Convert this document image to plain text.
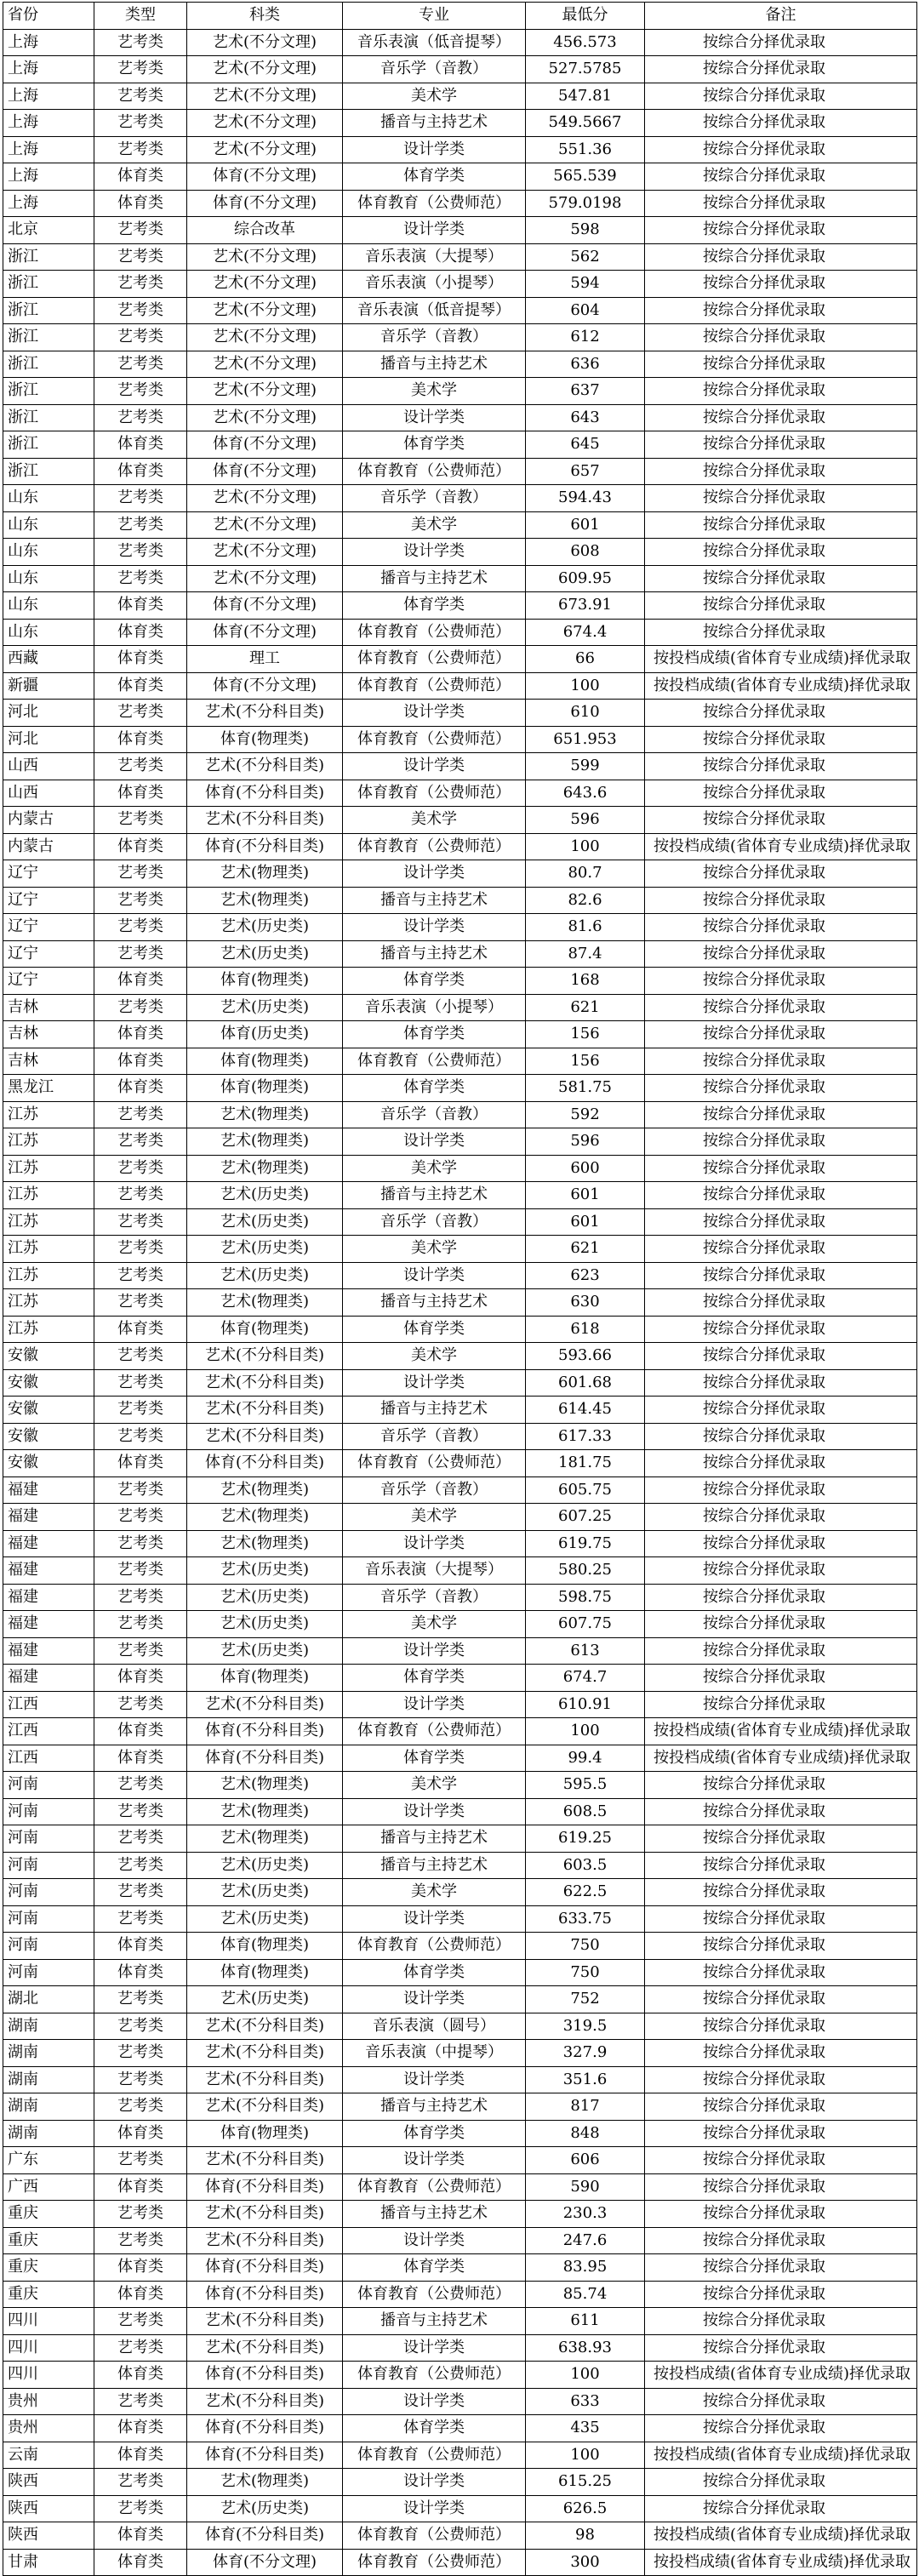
省份	类型	科类	专业	最低分	备注
上海	艺考类	艺术(不分文理)	音乐表演（低音提琴）	456.573	按综合分择优录取
上海	艺考类	艺术(不分文理)	音乐学（音教）	527.5785	按综合分择优录取
上海	艺考类	艺术(不分文理)	美术学	547.81	按综合分择优录取
上海	艺考类	艺术(不分文理)	播音与主持艺术	549.5667	按综合分择优录取
上海	艺考类	艺术(不分文理)	设计学类	551.36	按综合分择优录取
上海	体育类	体育(不分文理)	体育学类	565.539	按综合分择优录取
上海	体育类	体育(不分文理)	体育教育（公费师范）	579.0198	按综合分择优录取
北京	艺考类	综合改革	设计学类	598	按综合分择优录取
浙江	艺考类	艺术(不分文理)	音乐表演（大提琴）	562	按综合分择优录取
浙江	艺考类	艺术(不分文理)	音乐表演（小提琴）	594	按综合分择优录取
浙江	艺考类	艺术(不分文理)	音乐表演（低音提琴）	604	按综合分择优录取
浙江	艺考类	艺术(不分文理)	音乐学（音教）	612	按综合分择优录取
浙江	艺考类	艺术(不分文理)	播音与主持艺术	636	按综合分择优录取
浙江	艺考类	艺术(不分文理)	美术学	637	按综合分择优录取
浙江	艺考类	艺术(不分文理)	设计学类	643	按综合分择优录取
浙江	体育类	体育(不分文理)	体育学类	645	按综合分择优录取
浙江	体育类	体育(不分文理)	体育教育（公费师范）	657	按综合分择优录取
山东	艺考类	艺术(不分文理)	音乐学（音教）	594.43	按综合分择优录取
山东	艺考类	艺术(不分文理)	美术学	601	按综合分择优录取
山东	艺考类	艺术(不分文理)	设计学类	608	按综合分择优录取
山东	艺考类	艺术(不分文理)	播音与主持艺术	609.95	按综合分择优录取
山东	体育类	体育(不分文理)	体育学类	673.91	按综合分择优录取
山东	体育类	体育(不分文理)	体育教育（公费师范）	674.4	按综合分择优录取
西藏	体育类	理工	体育教育（公费师范）	66	按投档成绩(省体育专业成绩)择优录取
新疆	体育类	体育(不分文理)	体育教育（公费师范）	100	按投档成绩(省体育专业成绩)择优录取
河北	艺考类	艺术(不分科目类)	设计学类	610	按综合分择优录取
河北	体育类	体育(物理类)	体育教育（公费师范）	651.953	按综合分择优录取
山西	艺考类	艺术(不分科目类)	设计学类	599	按综合分择优录取
山西	体育类	体育(不分科目类)	体育教育（公费师范）	643.6	按综合分择优录取
内蒙古	艺考类	艺术(不分科目类)	美术学	596	按综合分择优录取
内蒙古	体育类	体育(不分科目类)	体育教育（公费师范）	100	按投档成绩(省体育专业成绩)择优录取
辽宁	艺考类	艺术(物理类)	设计学类	80.7	按综合分择优录取
辽宁	艺考类	艺术(物理类)	播音与主持艺术	82.6	按综合分择优录取
辽宁	艺考类	艺术(历史类)	设计学类	81.6	按综合分择优录取
辽宁	艺考类	艺术(历史类)	播音与主持艺术	87.4	按综合分择优录取
辽宁	体育类	体育(物理类)	体育学类	168	按综合分择优录取
吉林	艺考类	艺术(历史类)	音乐表演（小提琴）	621	按综合分择优录取
吉林	体育类	体育(历史类)	体育学类	156	按综合分择优录取
吉林	体育类	体育(物理类)	体育教育（公费师范）	156	按综合分择优录取
黑龙江	体育类	体育(物理类)	体育学类	581.75	按综合分择优录取
江苏	艺考类	艺术(物理类)	音乐学（音教）	592	按综合分择优录取
江苏	艺考类	艺术(物理类)	设计学类	596	按综合分择优录取
江苏	艺考类	艺术(物理类)	美术学	600	按综合分择优录取
江苏	艺考类	艺术(历史类)	播音与主持艺术	601	按综合分择优录取
江苏	艺考类	艺术(历史类)	音乐学（音教）	601	按综合分择优录取
江苏	艺考类	艺术(历史类)	美术学	621	按综合分择优录取
江苏	艺考类	艺术(历史类)	设计学类	623	按综合分择优录取
江苏	艺考类	艺术(物理类)	播音与主持艺术	630	按综合分择优录取
江苏	体育类	体育(物理类)	体育学类	618	按综合分择优录取
安徽	艺考类	艺术(不分科目类)	美术学	593.66	按综合分择优录取
安徽	艺考类	艺术(不分科目类)	设计学类	601.68	按综合分择优录取
安徽	艺考类	艺术(不分科目类)	播音与主持艺术	614.45	按综合分择优录取
安徽	艺考类	艺术(不分科目类)	音乐学（音教）	617.33	按综合分择优录取
安徽	体育类	体育(不分科目类)	体育教育（公费师范）	181.75	按综合分择优录取
福建	艺考类	艺术(物理类)	音乐学（音教）	605.75	按综合分择优录取
福建	艺考类	艺术(物理类)	美术学	607.25	按综合分择优录取
福建	艺考类	艺术(物理类)	设计学类	619.75	按综合分择优录取
福建	艺考类	艺术(历史类)	音乐表演（大提琴）	580.25	按综合分择优录取
福建	艺考类	艺术(历史类)	音乐学（音教）	598.75	按综合分择优录取
福建	艺考类	艺术(历史类)	美术学	607.75	按综合分择优录取
福建	艺考类	艺术(历史类)	设计学类	613	按综合分择优录取
福建	体育类	体育(物理类)	体育学类	674.7	按综合分择优录取
江西	艺考类	艺术(不分科目类)	设计学类	610.91	按综合分择优录取
江西	体育类	体育(不分科目类)	体育教育（公费师范）	100	按投档成绩(省体育专业成绩)择优录取
江西	体育类	体育(不分科目类)	体育学类	99.4	按投档成绩(省体育专业成绩)择优录取
河南	艺考类	艺术(物理类)	美术学	595.5	按综合分择优录取
河南	艺考类	艺术(物理类)	设计学类	608.5	按综合分择优录取
河南	艺考类	艺术(物理类)	播音与主持艺术	619.25	按综合分择优录取
河南	艺考类	艺术(历史类)	播音与主持艺术	603.5	按综合分择优录取
河南	艺考类	艺术(历史类)	美术学	622.5	按综合分择优录取
河南	艺考类	艺术(历史类)	设计学类	633.75	按综合分择优录取
河南	体育类	体育(物理类)	体育教育（公费师范）	750	按综合分择优录取
河南	体育类	体育(物理类)	体育学类	750	按综合分择优录取
湖北	艺考类	艺术(历史类)	设计学类	752	按综合分择优录取
湖南	艺考类	艺术(不分科目类)	音乐表演（圆号）	319.5	按综合分择优录取
湖南	艺考类	艺术(不分科目类)	音乐表演（中提琴）	327.9	按综合分择优录取
湖南	艺考类	艺术(不分科目类)	设计学类	351.6	按综合分择优录取
湖南	艺考类	艺术(不分科目类)	播音与主持艺术	817	按综合分择优录取
湖南	体育类	体育(物理类)	体育学类	848	按综合分择优录取
广东	艺考类	艺术(不分科目类)	设计学类	606	按综合分择优录取
广西	体育类	体育(不分科目类)	体育教育（公费师范）	590	按综合分择优录取
重庆	艺考类	艺术(不分科目类)	播音与主持艺术	230.3	按综合分择优录取
重庆	艺考类	艺术(不分科目类)	设计学类	247.6	按综合分择优录取
重庆	体育类	体育(不分科目类)	体育学类	83.95	按综合分择优录取
重庆	体育类	体育(不分科目类)	体育教育（公费师范）	85.74	按综合分择优录取
四川	艺考类	艺术(不分科目类)	播音与主持艺术	611	按综合分择优录取
四川	艺考类	艺术(不分科目类)	设计学类	638.93	按综合分择优录取
四川	体育类	体育(不分科目类)	体育教育（公费师范）	100	按投档成绩(省体育专业成绩)择优录取
贵州	艺考类	艺术(不分科目类)	设计学类	633	按综合分择优录取
贵州	体育类	体育(不分科目类)	体育学类	435	按综合分择优录取
云南	体育类	体育(不分科目类)	体育教育（公费师范）	100	按投档成绩(省体育专业成绩)择优录取
陕西	艺考类	艺术(物理类)	设计学类	615.25	按综合分择优录取
陕西	艺考类	艺术(历史类)	设计学类	626.5	按综合分择优录取
陕西	体育类	体育(不分科目类)	体育教育（公费师范）	98	按投档成绩(省体育专业成绩)择优录取
甘肃	体育类	体育(不分文理)	体育教育（公费师范）	300	按投档成绩(省体育专业成绩)择优录取
